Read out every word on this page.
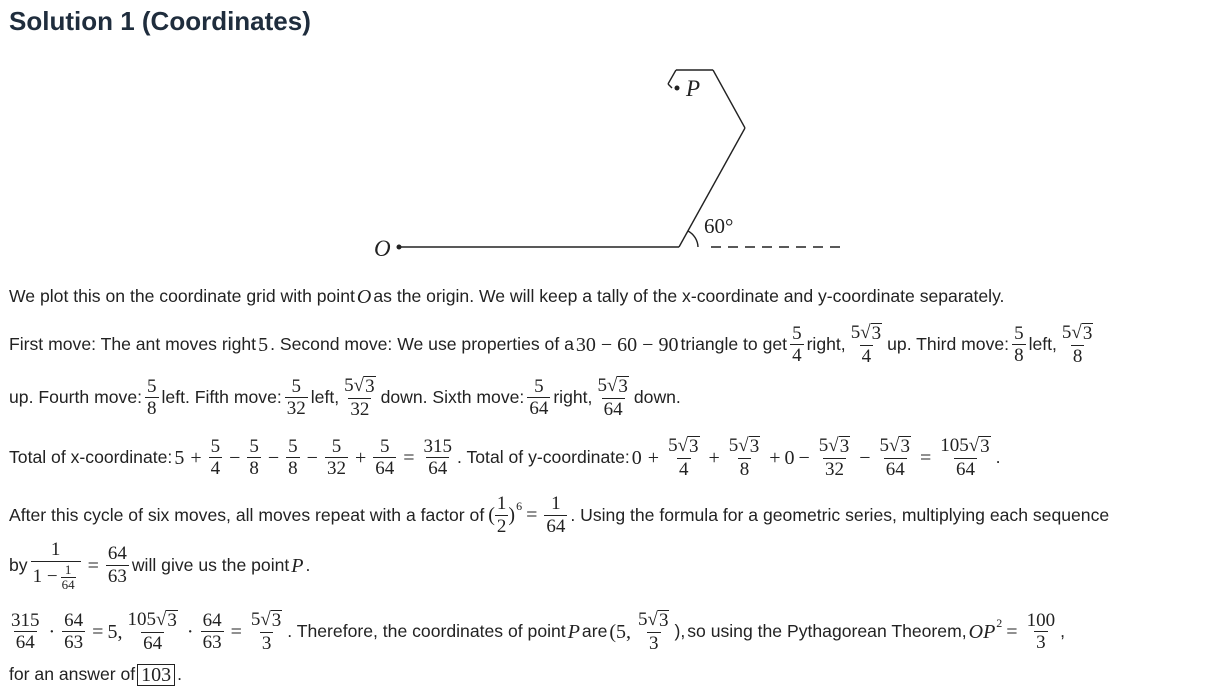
Solution 1 (Coordinates)
P
O
60°
We plot this on the coordinate grid with point O as the origin. We will keep a tally of the x-coordinate and y-coordinate separately.
First move: The ant moves right 5 . Second move: We use properties of a 30 − 60 − 90 triangle to get $\frac{5}{4}$ right, $\frac{5√ 3}{4}$ up. Third move: $\frac{5}{8}$ left, $\frac{5√ 3}{8}$
up. Fourth move: $\frac{5}{8}$ left. Fifth move: $\frac{5}{32}$ left, $\frac{5√ 3}{32}$ down. Sixth move: $\frac{5}{64}$ right, $\frac{5√ 3}{64}$ down.
Total of x-coordinate: $5 + \frac{5}{4} - \frac{5}{8} - \frac{5}{8} - \frac{5}{32} + \frac{5}{64} = \frac{315}{64}$ . Total of y-coordinate: $0 + \frac{5√ 3}{4} + \frac{5√ 3}{8} + 0 - \frac{5√ 3}{32} - \frac{5√ 3}{64} = \frac{105√ 3}{64}$ .
After this cycle of six moves, all moves repeat with a factor of ( $\frac{1}{2}$ ) $6 = \frac{1}{64}$ . Using the formula for a geometric series, multiplying each sequence
by $\frac{1}{1 - \frac{1}{64}} = \frac{64}{63}$ will give us the point P .
$\frac{315}{64} \cdot \frac{64}{63} = 5$, $\frac{105√ 3}{64} \cdot \frac{64}{63} = \frac{5√ 3}{3}$ . Therefore, the coordinates of point P are (5, $\frac{5√ 3}{3}$ ), so using the Pythagorean Theorem, OP $2 = \frac{100}{3}$ ,
for an answer of 103 .
